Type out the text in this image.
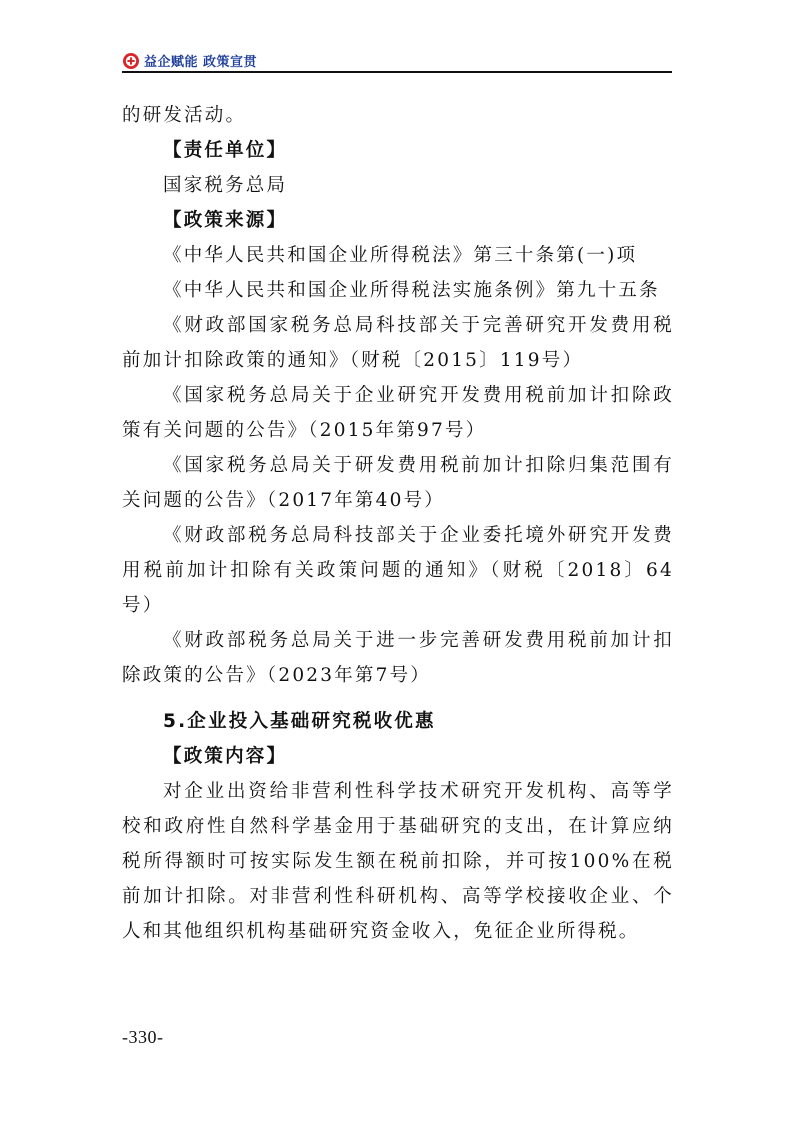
益企赋能 政策宣贯

的研发活动。

【责任单位】

国家税务总局

【政策来源】

《中华人民共和国企业所得税法》第三十条第(一)项

《中华人民共和国企业所得税法实施条例》第九十五条

《财政部国家税务总局科技部关于完善研究开发费用税前加计扣除政策的通知》（财税〔2015〕119号）

《国家税务总局关于企业研究开发费用税前加计扣除政策有关问题的公告》（2015年第97号）

《国家税务总局关于研发费用税前加计扣除归集范围有关问题的公告》（2017年第40号）

《财政部税务总局科技部关于企业委托境外研究开发费用税前加计扣除有关政策问题的通知》（财税〔2018〕64号）

《财政部税务总局关于进一步完善研发费用税前加计扣除政策的公告》（2023年第7号）

5.企业投入基础研究税收优惠

【政策内容】

对企业出资给非营利性科学技术研究开发机构、高等学校和政府性自然科学基金用于基础研究的支出，在计算应纳税所得额时可按实际发生额在税前扣除，并可按100%在税前加计扣除。对非营利性科研机构、高等学校接收企业、个人和其他组织机构基础研究资金收入，免征企业所得税。

-330-
